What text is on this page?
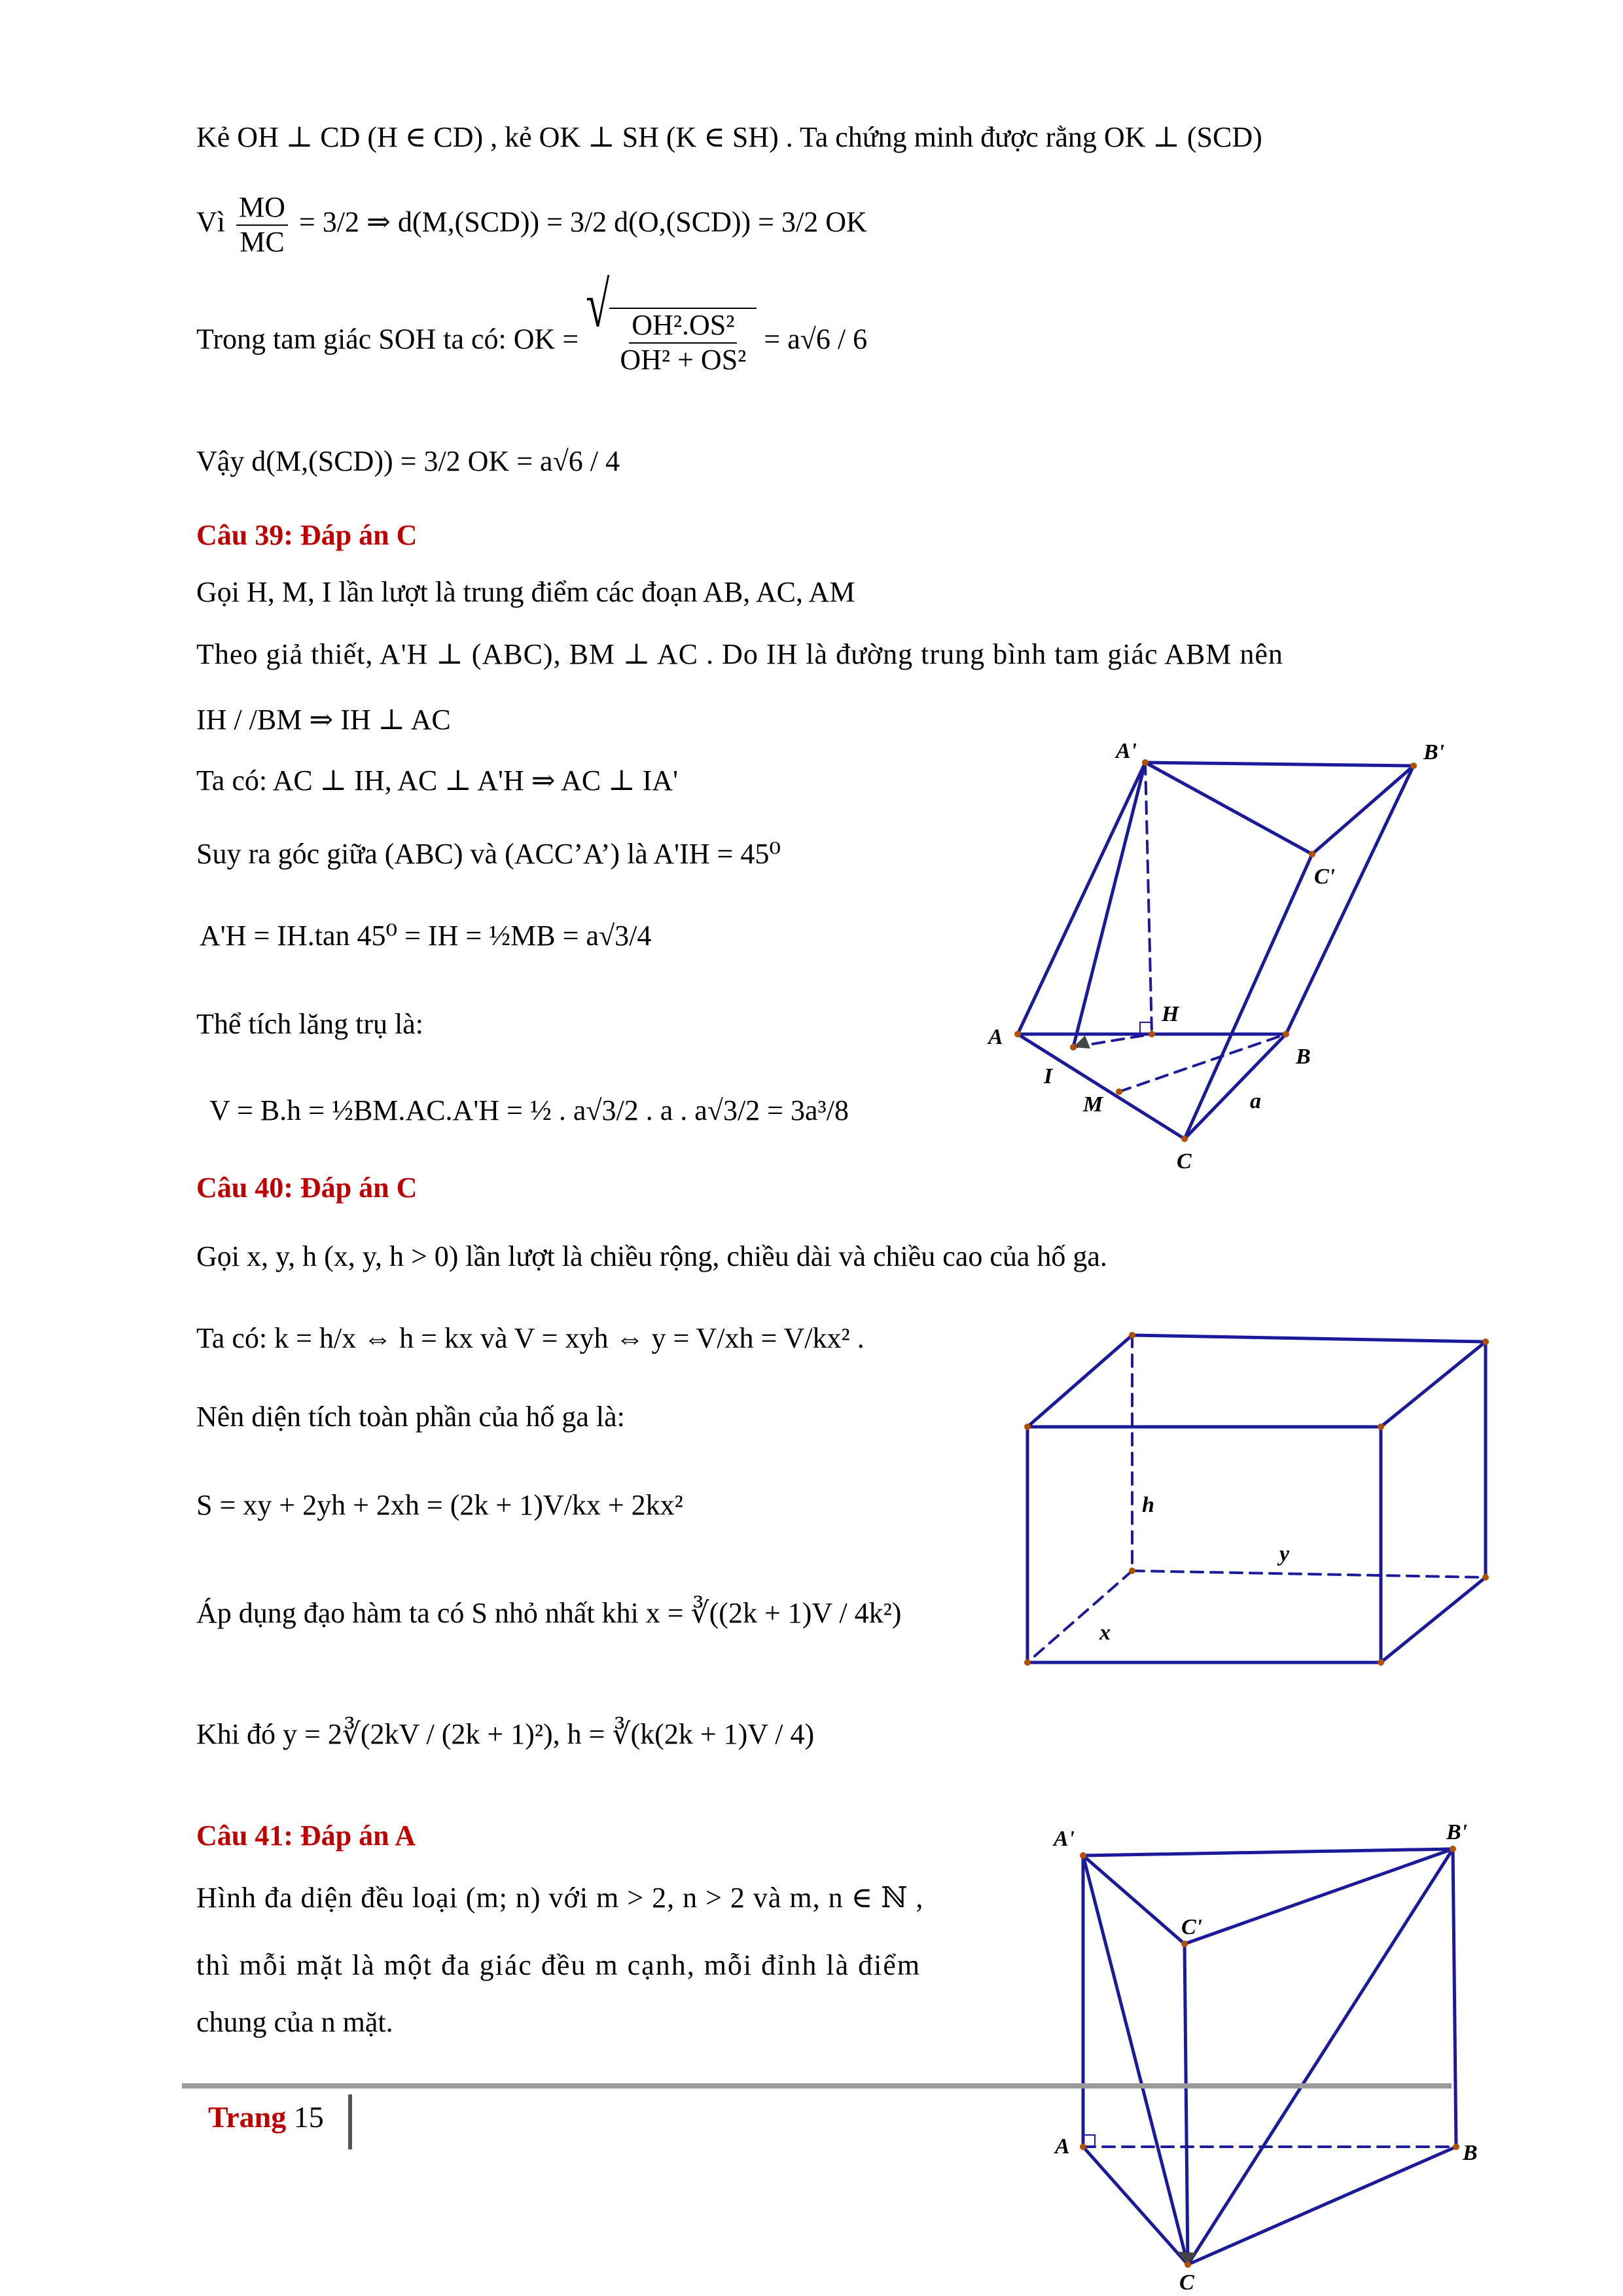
Kẻ OH ⊥ CD (H ∈ CD) , kẻ OK ⊥ SH (K ∈ SH) . Ta chứng minh được rằng OK ⊥ (SCD)
Vì $\frac{MO}{MC} = 3/2$ ⇒ d(M,(SCD)) = 3/2 d(O,(SCD)) = 3/2 OK
Trong tam giác SOH ta có: OK = √
$\frac{\text{OH².OS²}}{\text{OH² + OS²}} = a√6 / 6$
Vậy d(M,(SCD)) = 3/2 OK = a√6 / 4
Câu 39: Đáp án C
Gọi H, M, I lần lượt là trung điểm các đoạn AB, AC, AM
Theo giả thiết, A'H ⊥ (ABC), BM ⊥ AC . Do IH là đường trung bình tam giác ABM nên
IH / /BM ⇒ IH ⊥ AC
Ta có: AC ⊥ IH, AC ⊥ A'H ⇒ AC ⊥ IA'
Suy ra góc giữa (ABC) và (ACC’A’) là A'IH = 45⁰
A'H = IH.tan 45⁰ = IH = ½MB = a√3/4
Thể tích lăng trụ là:
V = B.h = ½BM.AC.A'H = ½ . a√3/2 . a . a√3/2 = 3a³/8
A'	B'
C'
H
A
B
I
M	a
C
Câu 40: Đáp án C
Gọi x, y, h (x, y, h > 0) lần lượt là chiều rộng, chiều dài và chiều cao của hố ga.
Ta có: k = h/x ⇔ h = kx và V = xyh ⇔ y = V/xh = V/kx² .
Nên diện tích toàn phần của hố ga là:
S = xy + 2yh + 2xh = (2k + 1)V/kx + 2kx²
Áp dụng đạo hàm ta có S nhỏ nhất khi x = ∛((2k + 1)V / 4k²)
Khi đó y = 2∛(2kV / (2k + 1)²), h = ∛(k(2k + 1)V / 4)
h
y
x
Câu 41: Đáp án A
Hình đa diện đều loại (m; n) với m > 2, n > 2 và m, n ∈ ℕ ,
thì mỗi mặt là một đa giác đều m cạnh, mỗi đỉnh là điểm
chung của n mặt.
A'	B'
C'
A	B
C
Trang 15
